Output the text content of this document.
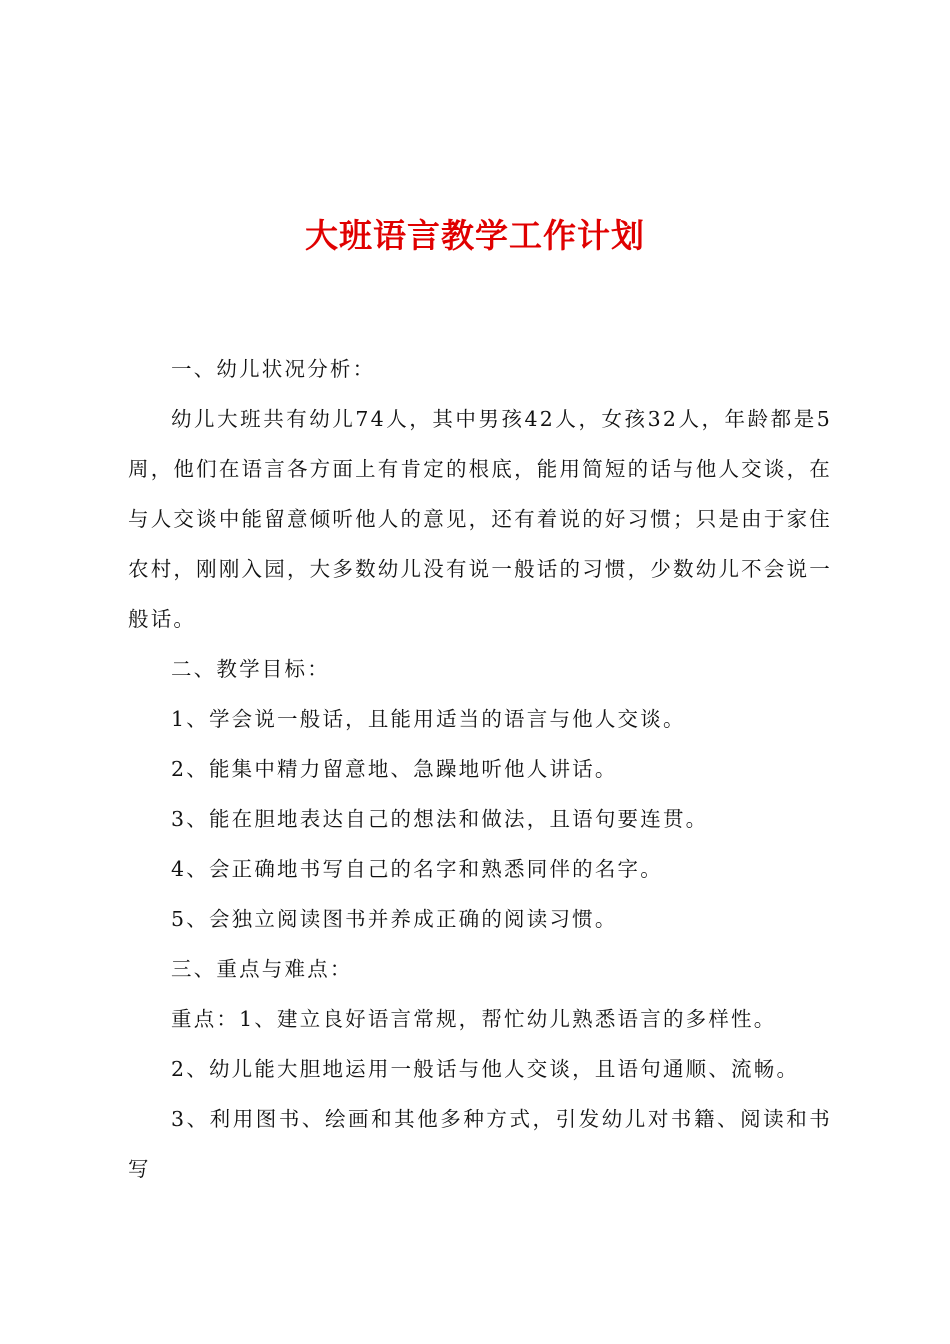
大班语言教学工作计划

一、幼儿状况分析：

幼儿大班共有幼儿74人，其中男孩42人，女孩32人，年龄都是5周，他们在语言各方面上有肯定的根底，能用简短的话与他人交谈，在与人交谈中能留意倾听他人的意见，还有着说的好习惯；只是由于家住农村，刚刚入园，大多数幼儿没有说一般话的习惯，少数幼儿不会说一般话。

二、教学目标：

1、学会说一般话，且能用适当的语言与他人交谈。

2、能集中精力留意地、急躁地听他人讲话。

3、能在胆地表达自己的想法和做法，且语句要连贯。

4、会正确地书写自己的名字和熟悉同伴的名字。

5、会独立阅读图书并养成正确的阅读习惯。

三、重点与难点：

重点：1、建立良好语言常规，帮忙幼儿熟悉语言的多样性。

2、幼儿能大胆地运用一般话与他人交谈，且语句通顺、流畅。

3、利用图书、绘画和其他多种方式，引发幼儿对书籍、阅读和书写
